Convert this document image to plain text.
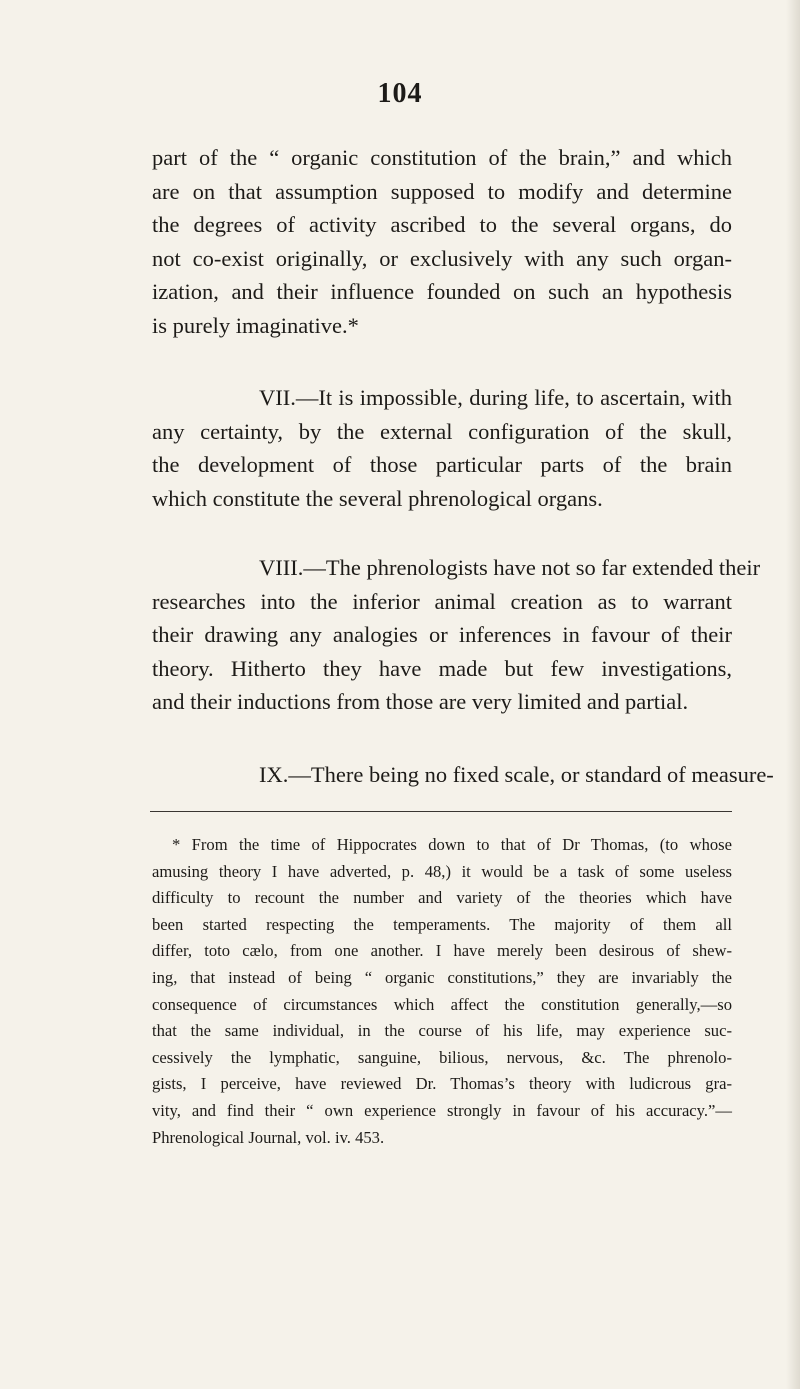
104
part of the “ organic constitution of the brain,” and which
are on that assumption supposed to modify and determine
the degrees of activity ascribed to the several organs, do
not co-exist originally, or exclusively with any such organ-
ization, and their influence founded on such an hypothesis
is purely imaginative.*
VII.—It is impossible, during life, to ascertain, with
any certainty, by the external configuration of the skull,
the development of those particular parts of the brain
which constitute the several phrenological organs.
VIII.—The phrenologists have not so far extended their
researches into the inferior animal creation as to warrant
their drawing any analogies or inferences in favour of their
theory. Hitherto they have made but few investigations,
and their inductions from those are very limited and partial.
IX.—There being no fixed scale, or standard of measure-
* From the time of Hippocrates down to that of Dr Thomas, (to whose
amusing theory I have adverted, p. 48,) it would be a task of some useless
difficulty to recount the number and variety of the theories which have
been started respecting the temperaments. The majority of them all
differ, toto cælo, from one another. I have merely been desirous of shew-
ing, that instead of being “ organic constitutions,” they are invariably the
consequence of circumstances which affect the constitution generally,—so
that the same individual, in the course of his life, may experience suc-
cessively the lymphatic, sanguine, bilious, nervous, &c. The phrenolo-
gists, I perceive, have reviewed Dr. Thomas’s theory with ludicrous gra-
vity, and find their “ own experience strongly in favour of his accuracy.”—
Phrenological Journal, vol. iv. 453.
